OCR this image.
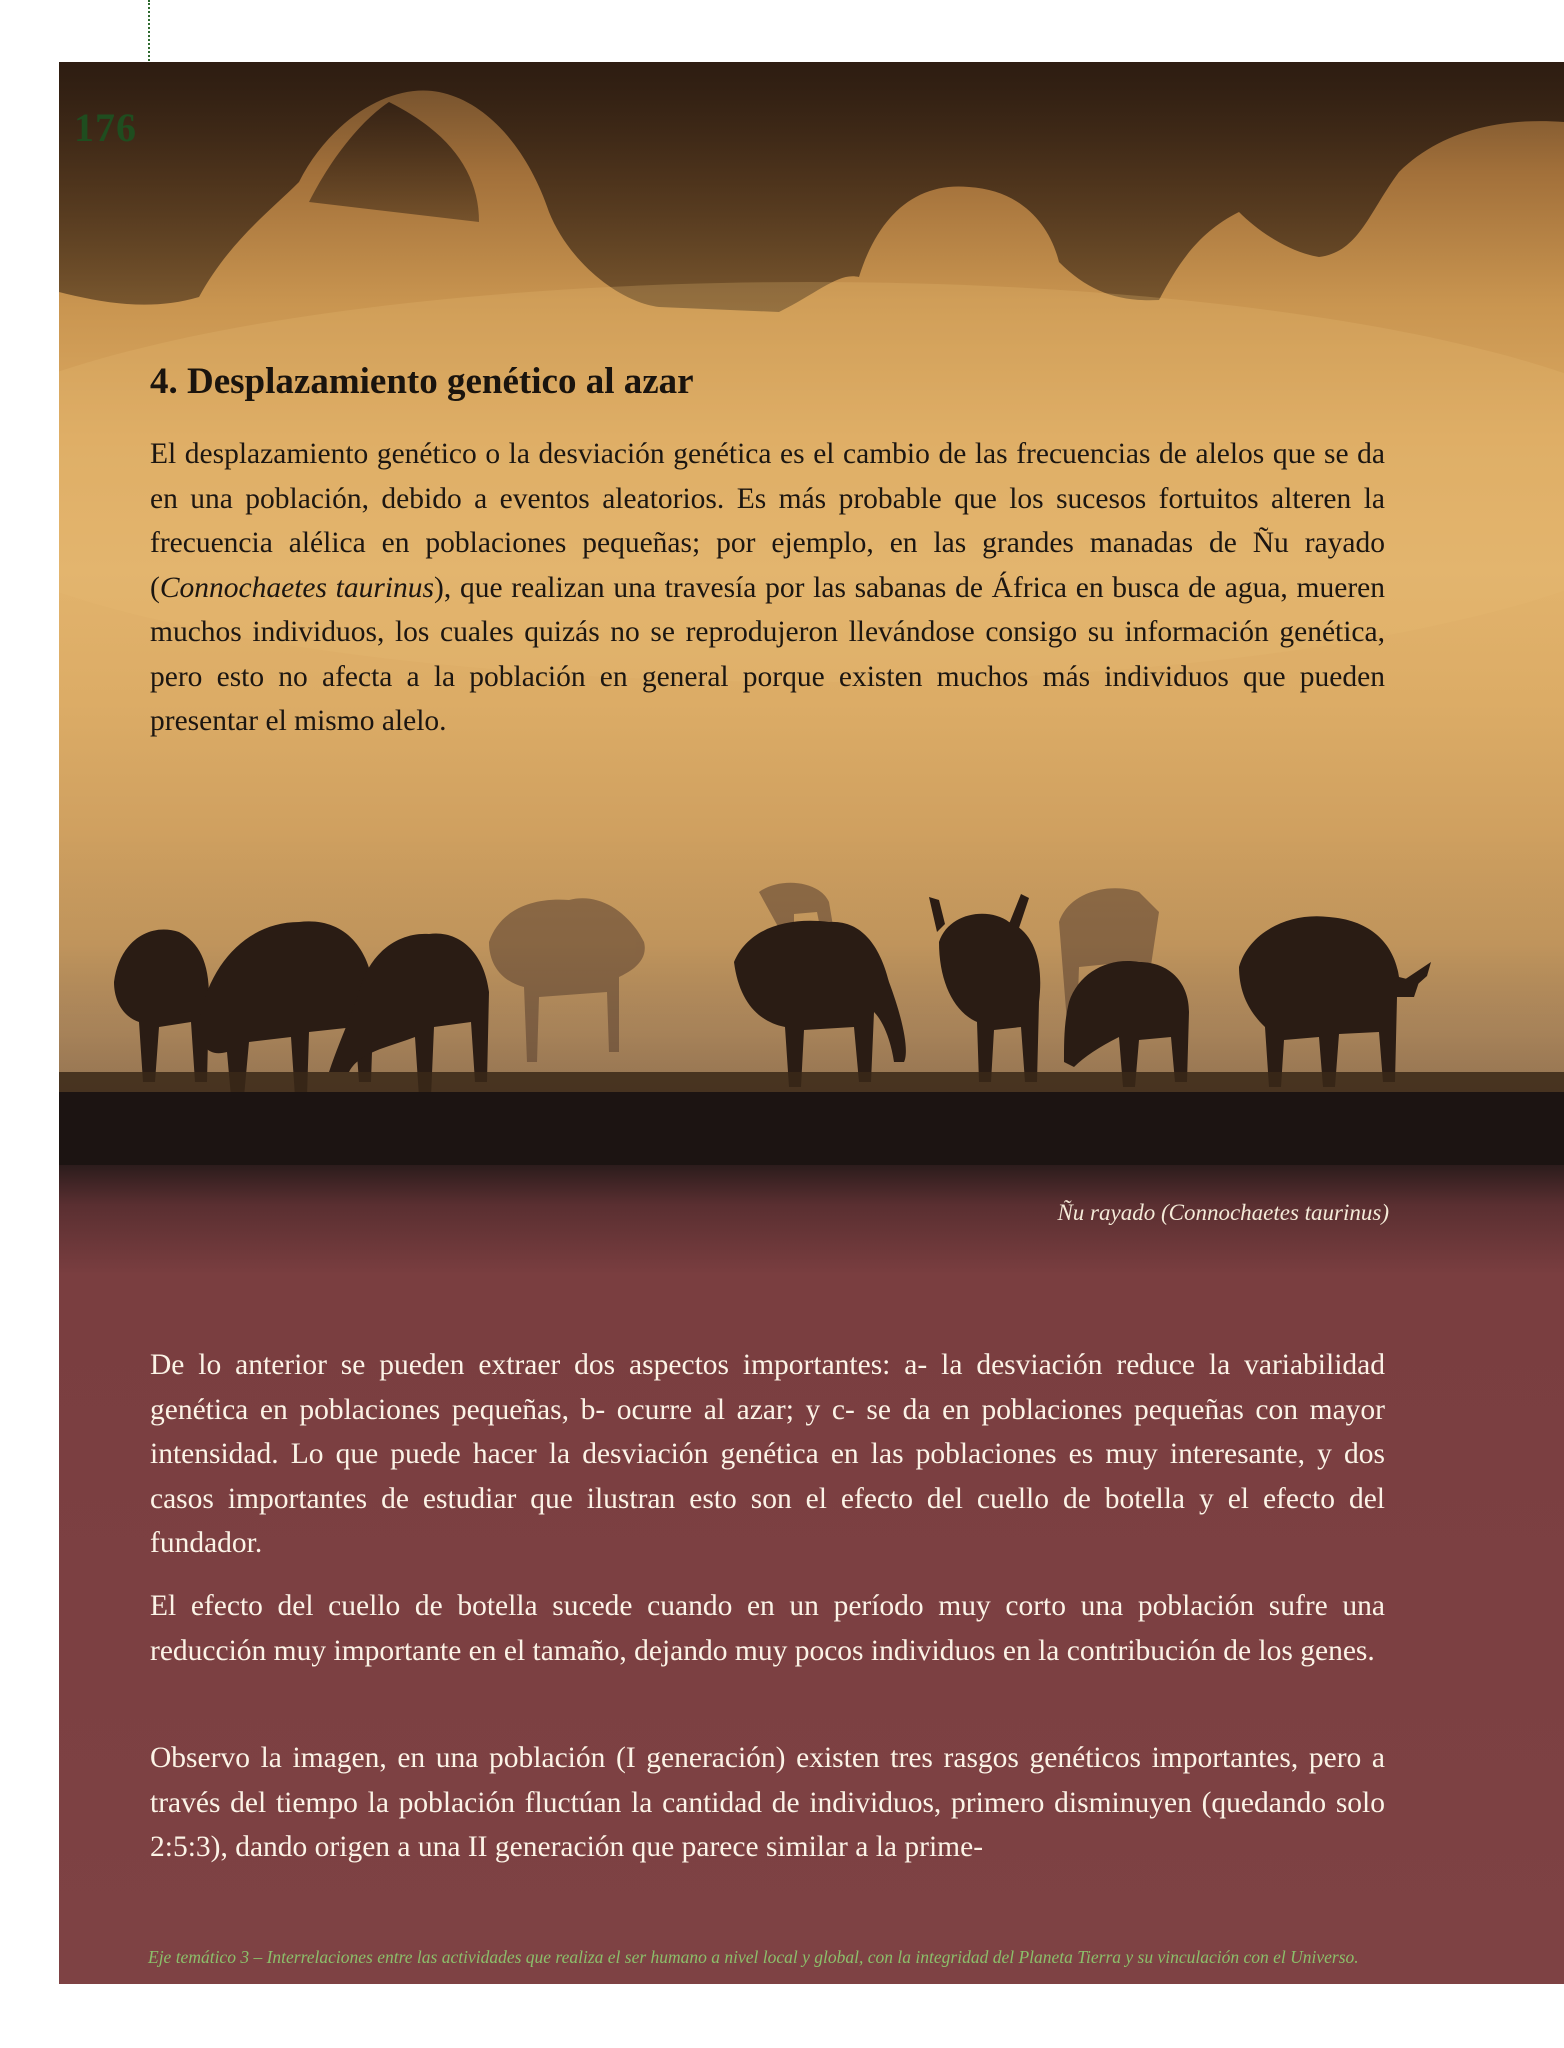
176
4. Desplazamiento genético al azar

El desplazamiento genético o la desviación genética es el cambio de las frecuencias de alelos que se da en una población, debido a eventos aleatorios. Es más probable que los sucesos fortuitos alteren la frecuencia alélica en poblaciones pequeñas; por ejemplo, en las grandes manadas de Ñu rayado (Connochaetes taurinus), que realizan una travesía por las sabanas de África en busca de agua, mueren muchos individuos, los cuales quizás no se reprodujeron llevándose consigo su información genética, pero esto no afecta a la población en general porque existen muchos más individuos que pueden presentar el mismo alelo.

Ñu rayado (Connochaetes taurinus)

De lo anterior se pueden extraer dos aspectos importantes: a- la desviación reduce la variabilidad genética en poblaciones pequeñas, b- ocurre al azar; y c- se da en poblaciones pequeñas con mayor intensidad. Lo que puede hacer la desviación genética en las poblaciones es muy interesante, y dos casos importantes de estudiar que ilustran esto son el efecto del cuello de botella y el efecto del fundador.

El efecto del cuello de botella sucede cuando en un período muy corto una población sufre una reducción muy importante en el tamaño, dejando muy pocos individuos en la contribución de los genes.

Observo la imagen, en una población (I generación) existen tres rasgos genéticos importantes, pero a través del tiempo la población fluctúan la cantidad de individuos, primero disminuyen (quedando solo 2:5:3), dando origen a una II generación que parece similar a la prime-

Eje temático 3 – Interrelaciones entre las actividades que realiza el ser humano a nivel local y global, con la integridad del Planeta Tierra y su vinculación con el Universo.
